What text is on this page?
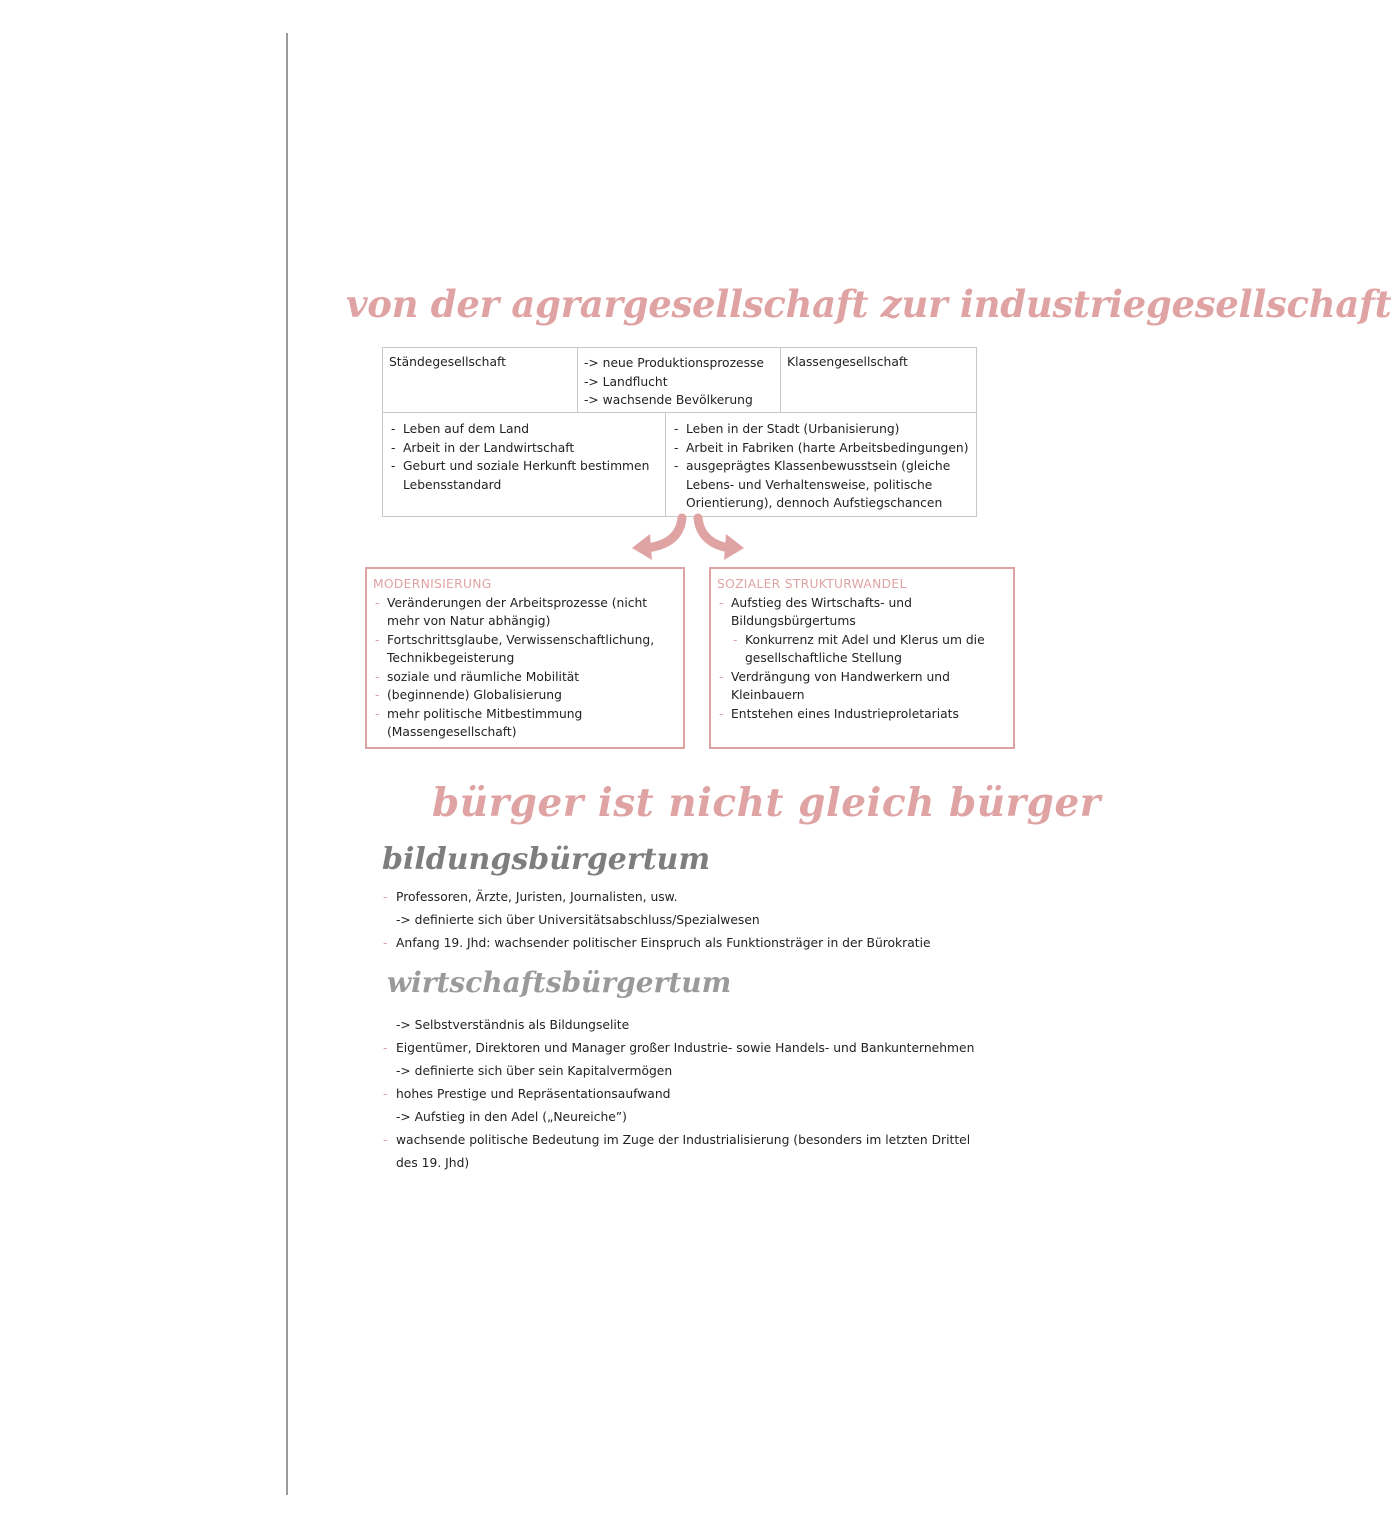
von der agrargesellschaft zur industriegesellschaft
Ständegesellschaft	-> neue Produktionsprozesse
-> Landflucht
-> wachsende Bevölkerung
Klassengesellschaft
- Leben auf dem Land
- Arbeit in der Landwirtschaft
- Geburt und soziale Herkunft bestimmen Lebensstandard
- Leben in der Stadt (Urbanisierung)
- Arbeit in Fabriken (harte Arbeitsbedingungen)
- ausgeprägtes Klassenbewusstsein (gleiche Lebens- und Verhaltensweise, politische Orientierung), dennoch Aufstiegschancen
MODERNISIERUNG
- Veränderungen der Arbeitsprozesse (nicht mehr von Natur abhängig)
- Fortschrittsglaube, Verwissenschaftlichung, Technikbegeisterung
- soziale und räumliche Mobilität
- (beginnende) Globalisierung
- mehr politische Mitbestimmung (Massengesellschaft)
SOZIALER STRUKTURWANDEL
- Aufstieg des Wirtschafts- und Bildungsbürgertums
- Konkurrenz mit Adel und Klerus um die gesellschaftliche Stellung
- Verdrängung von Handwerkern und Kleinbauern
- Entstehen eines Industrieproletariats
bürger ist nicht gleich bürger
bildungsbürgertum
- Professoren, Ärzte, Juristen, Journalisten, usw.
-> definierte sich über Universitätsabschluss/Spezialwesen
- Anfang 19. Jhd: wachsender politischer Einspruch als Funktionsträger in der Bürokratie
wirtschaftsbürgertum
-> Selbstverständnis als Bildungselite
- Eigentümer, Direktoren und Manager großer Industrie- sowie Handels- und Bankunternehmen
-> definierte sich über sein Kapitalvermögen
- hohes Prestige und Repräsentationsaufwand
-> Aufstieg in den Adel („Neureiche”)
- wachsende politische Bedeutung im Zuge der Industrialisierung (besonders im letzten Drittel
des 19. Jhd)
